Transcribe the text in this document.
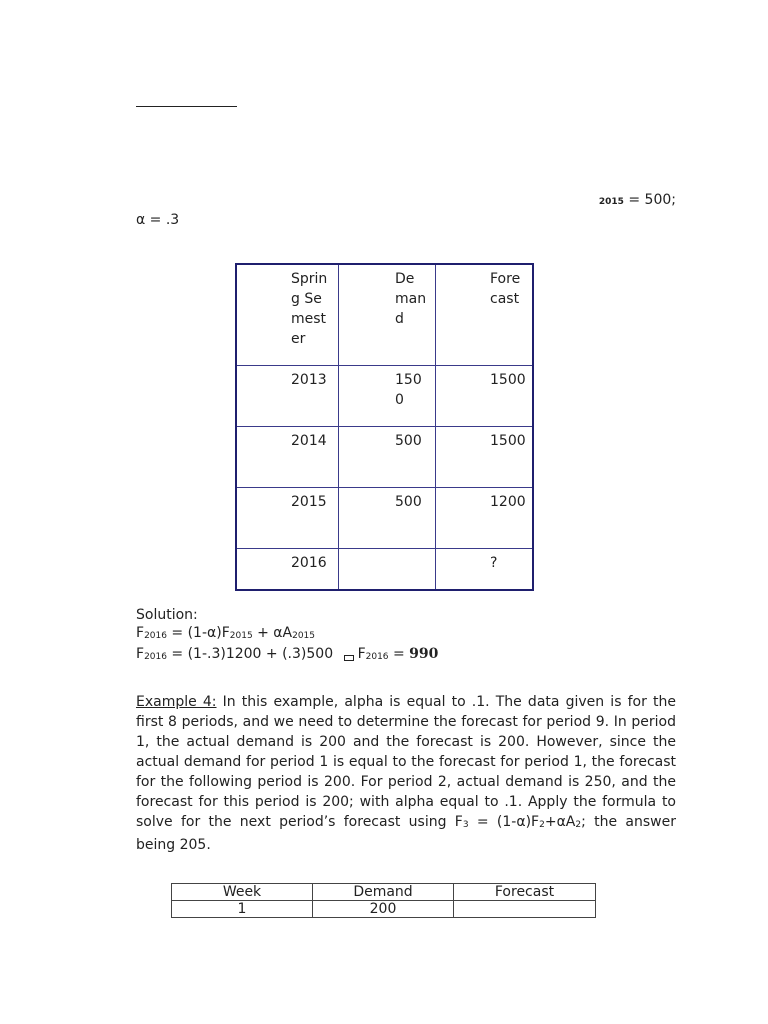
2015 = 500;
α = .3
Spring Semester	Demand	Forecast

2013	1500	1500

2014	500	1500

2015	500	1200

2016		?
Solution:
$F_{2016} = (1-\alpha)F_{2015} + \alpha A_{2015}$
$F_{2016} = (1-.3)1200 + (.3)500$ $F_{2016} = 990$
Example 4: In this example, alpha is equal to .1. The data given is for the first 8 periods, and we need to determine the forecast for period 9. In period 1, the actual demand is 200 and the forecast is 200. However, since the actual demand for period 1 is equal to the forecast for period 1, the forecast for the following period is 200. For period 2, actual demand is 250, and the forecast for this period is 200; with alpha equal to .1. Apply the formula to solve for the next period’s forecast using $F_3 = (1-\alpha)F_2+\alpha A_2$; the answer being 205.
Week	Demand	Forecast
1	200	
